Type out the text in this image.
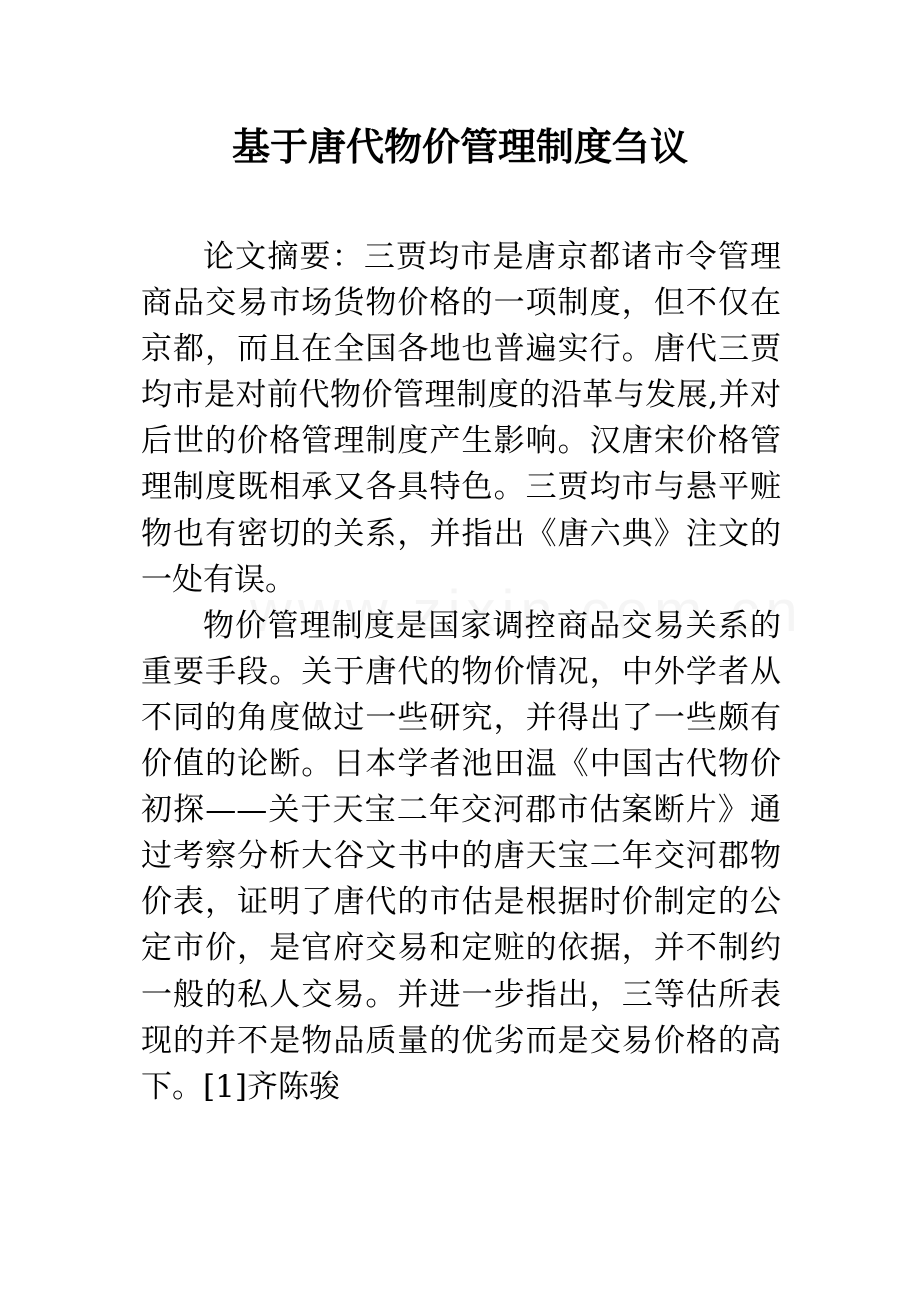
基于唐代物价管理制度刍议

论文摘要：三贾均市是唐京都诸市令管理商品交易市场货物价格的一项制度，但不仅在京都，而且在全国各地也普遍实行。唐代三贾均市是对前代物价管理制度的沿革与发展,并对后世的价格管理制度产生影响。汉唐宋价格管理制度既相承又各具特色。三贾均市与悬平赃物也有密切的关系，并指出《唐六典》注文的一处有误。

物价管理制度是国家调控商品交易关系的重要手段。关于唐代的物价情况，中外学者从不同的角度做过一些研究，并得出了一些颇有价值的论断。日本学者池田温《中国古代物价初探——关于天宝二年交河郡市估案断片》通过考察分析大谷文书中的唐天宝二年交河郡物价表，证明了唐代的市估是根据时价制定的公定市价，是官府交易和定赃的依据，并不制约一般的私人交易。并进一步指出，三等估所表现的并不是物品质量的优劣而是交易价格的高下。[1]齐陈骏
